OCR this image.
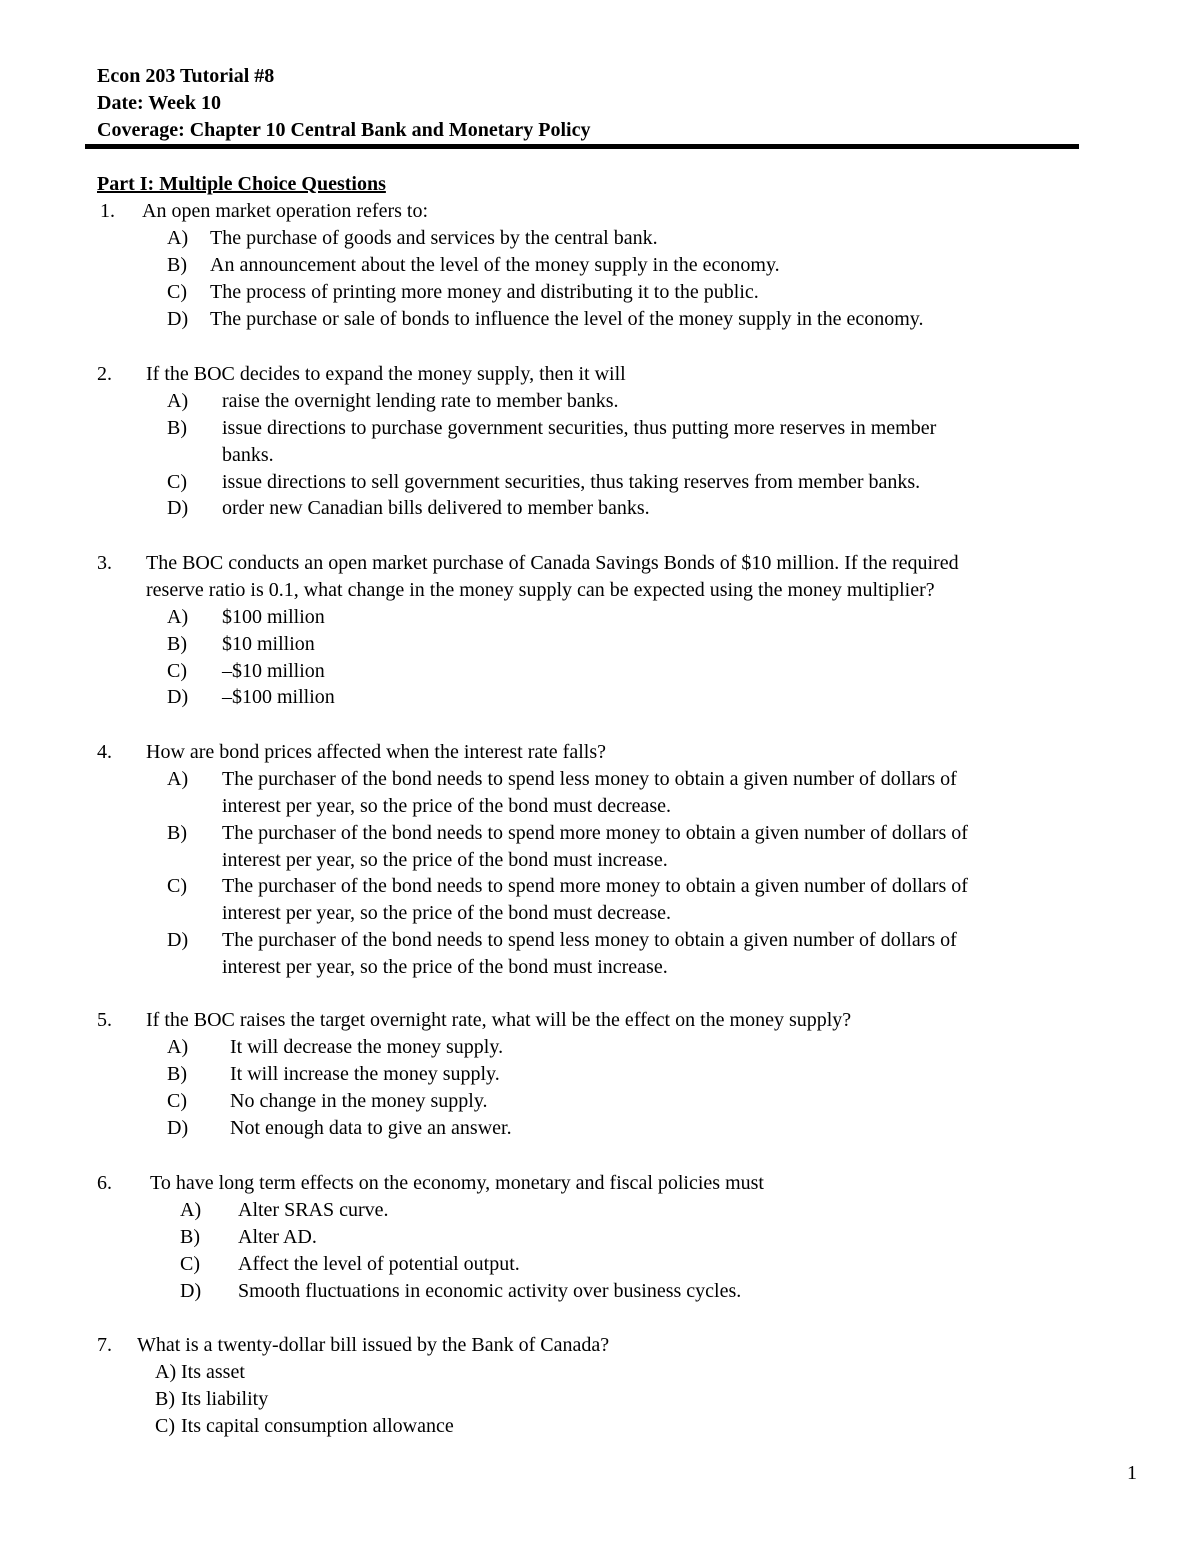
Econ 203 Tutorial #8
Date: Week 10
Coverage: Chapter 10 Central Bank and Monetary Policy
Part I: Multiple Choice Questions
1. An open market operation refers to:
A) The purchase of goods and services by the central bank.
B) An announcement about the level of the money supply in the economy.
C) The process of printing more money and distributing it to the public.
D) The purchase or sale of bonds to influence the level of the money supply in the economy.
2. If the BOC decides to expand the money supply, then it will
A) raise the overnight lending rate to member banks.
B) issue directions to purchase government securities, thus putting more reserves in member
banks.
C) issue directions to sell government securities, thus taking reserves from member banks.
D) order new Canadian bills delivered to member banks.
3. The BOC conducts an open market purchase of Canada Savings Bonds of $10 million. If the required
reserve ratio is 0.1, what change in the money supply can be expected using the money multiplier?
A) $100 million
B) $10 million
C) –$10 million
D) –$100 million
4. How are bond prices affected when the interest rate falls?
A) The purchaser of the bond needs to spend less money to obtain a given number of dollars of
interest per year, so the price of the bond must decrease.
B) The purchaser of the bond needs to spend more money to obtain a given number of dollars of
interest per year, so the price of the bond must increase.
C) The purchaser of the bond needs to spend more money to obtain a given number of dollars of
interest per year, so the price of the bond must decrease.
D) The purchaser of the bond needs to spend less money to obtain a given number of dollars of
interest per year, so the price of the bond must increase.
5. If the BOC raises the target overnight rate, what will be the effect on the money supply?
A) It will decrease the money supply.
B) It will increase the money supply.
C) No change in the money supply.
D) Not enough data to give an answer.
6. To have long term effects on the economy, monetary and fiscal policies must
A) Alter SRAS curve.
B) Alter AD.
C) Affect the level of potential output.
D) Smooth fluctuations in economic activity over business cycles.
7. What is a twenty-dollar bill issued by the Bank of Canada?
A) Its asset
B) Its liability
C) Its capital consumption allowance
1
